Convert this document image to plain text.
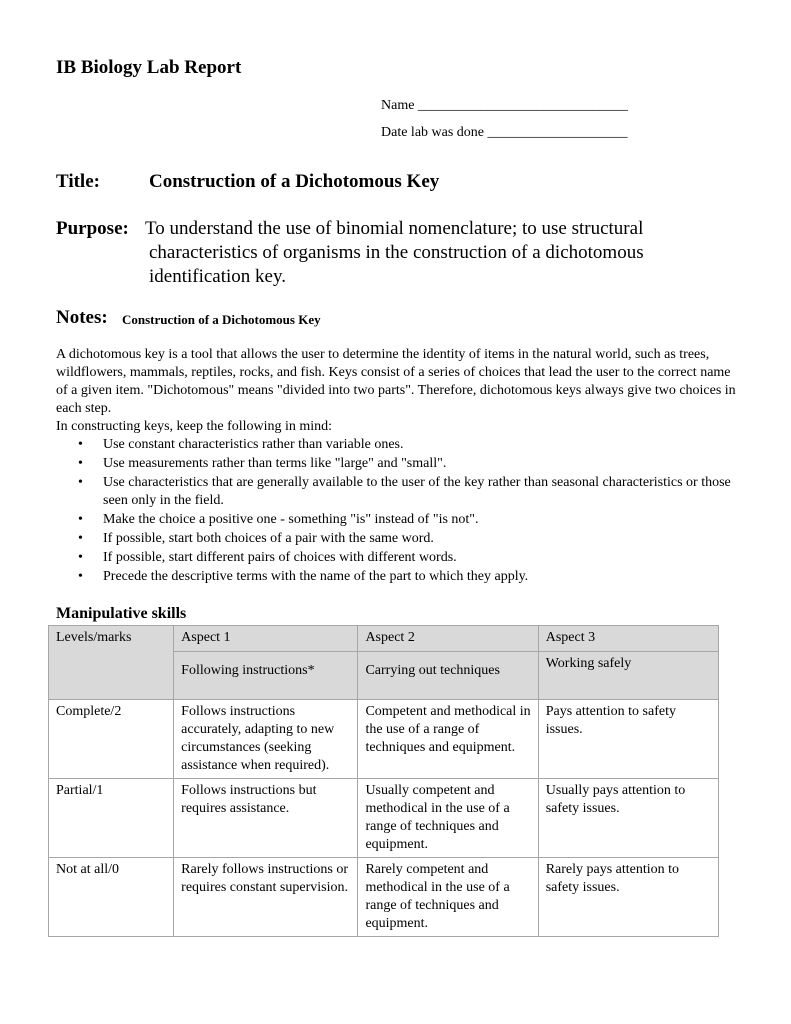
IB Biology Lab Report
Name ______________________________
Date lab was done ____________________
Title:	Construction of a Dichotomous Key
Purpose: To understand the use of binomial nomenclature; to use structural characteristics of organisms in the construction of a dichotomous identification key.
Notes: Construction of a Dichotomous Key
A dichotomous key is a tool that allows the user to determine the identity of items in the natural world, such as trees, wildflowers, mammals, reptiles, rocks, and fish. Keys consist of a series of choices that lead the user to the correct name of a given item. "Dichotomous" means "divided into two parts". Therefore, dichotomous keys always give two choices in each step.
In constructing keys, keep the following in mind:
• Use constant characteristics rather than variable ones.
• Use measurements rather than terms like "large" and "small".
• Use characteristics that are generally available to the user of the key rather than seasonal characteristics or those seen only in the field.
• Make the choice a positive one - something "is" instead of "is not".
• If possible, start both choices of a pair with the same word.
• If possible, start different pairs of choices with different words.
• Precede the descriptive terms with the name of the part to which they apply.
Manipulative skills
Levels/marks	Aspect 1	Aspect 2	Aspect 3
	Following instructions*	Carrying out techniques	Working safely
Complete/2	Follows instructions accurately, adapting to new circumstances (seeking assistance when required).	Competent and methodical in the use of a range of techniques and equipment.	Pays attention to safety issues.
Partial/1	Follows instructions but requires assistance.	Usually competent and methodical in the use of a range of techniques and equipment.	Usually pays attention to safety issues.
Not at all/0	Rarely follows instructions or requires constant supervision.	Rarely competent and methodical in the use of a range of techniques and equipment.	Rarely pays attention to safety issues.
